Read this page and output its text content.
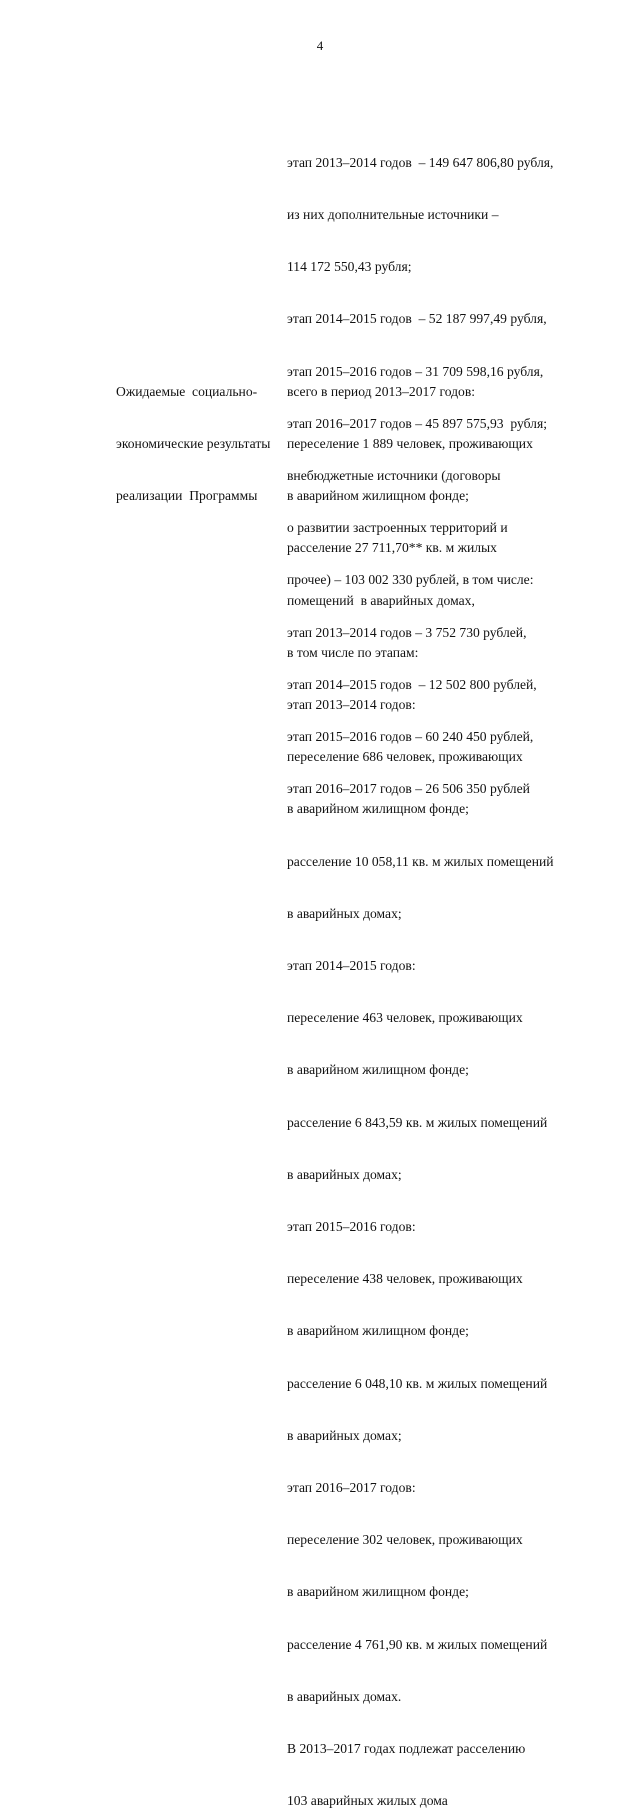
4

этап 2013–2014 годов  – 149 647 806,80 рубля,

из них дополнительные источники –

114 172 550,43 рубля;

этап 2014–2015 годов  – 52 187 997,49 рубля,

этап 2015–2016 годов – 31 709 598,16 рубля,

этап 2016–2017 годов – 45 897 575,93  рубля;

внебюджетные источники (договоры

о развитии застроенных территорий и

прочее) – 103 002 330 рублей, в том числе:

этап 2013–2014 годов – 3 752 730 рублей,

этап 2014–2015 годов  – 12 502 800 рублей,

этап 2015–2016 годов – 60 240 450 рублей,

этап 2016–2017 годов – 26 506 350 рублей

Ожидаемые  социально-

экономические результаты

реализации  Программы

всего в период 2013–2017 годов:

переселение 1 889 человек, проживающих

в аварийном жилищном фонде;

расселение 27 711,70** кв. м жилых

помещений  в аварийных домах,

в том числе по этапам:

этап 2013–2014 годов:

переселение 686 человек, проживающих

в аварийном жилищном фонде;

расселение 10 058,11 кв. м жилых помещений

в аварийных домах;

этап 2014–2015 годов:

переселение 463 человек, проживающих

в аварийном жилищном фонде;

расселение 6 843,59 кв. м жилых помещений

в аварийных домах;

этап 2015–2016 годов:

переселение 438 человек, проживающих

в аварийном жилищном фонде;

расселение 6 048,10 кв. м жилых помещений

в аварийных домах;

этап 2016–2017 годов:

переселение 302 человек, проживающих

в аварийном жилищном фонде;

расселение 4 761,90 кв. м жилых помещений

в аварийных домах.

В 2013–2017 годах подлежат расселению

103 аварийных жилых дома
